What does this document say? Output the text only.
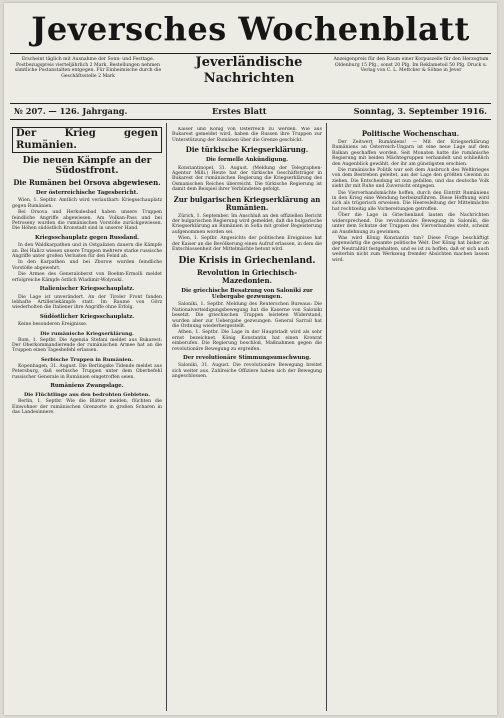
Jeversches Wochenblatt
Erscheint täglich mit Ausnahme der Sonn- und Festtage. Postbezugspreis vierteljährlich 2 Mark. Bestellungen nehmen sämtliche Postanstalten entgegen. Für Einheimische durch die Geschäftsstelle 2 Mark
Jeverländische
Nachrichten
Anzeigenpreis für den Raum einer Korpuszeile für den Herzogtum Oldenburg 15 Pfg., sonst 20 Pfg. Im Reklameteil 50 Pfg. Druck u. Verlag von C. L. Mettcker & Söhne in Jever
№ 207. — 126. Jahrgang.	Erstes Blatt	Sonntag, 3. September 1916.
Der Krieg gegen Rumänien.
Die neuen Kämpfe an der Südostfront.
Die Rumänen bei Orsova abgewiesen.
Der österreichische Tagesbericht.

Wien, 1. Septbr. Amtlich wird verlautbart: Kriegsschauplatz gegen Rumänien.

Bei Orsova und Herkulesbad haben unsere Truppen feindliche Angriffe abgewiesen. Am Vulkan-Pass und bei Petroseny wurden die rumänischen Vorstöße zurückgewiesen. Die Höhen südöstlich Kronstadt sind in unserer Hand.

Kriegsschauplatz gegen Russland.

In den Waldkarpathen und in Ostgalizien dauern die Kämpfe an. Bei Halicz wiesen unsere Truppen mehrere starke russische Angriffe unter großen Verlusten für den Feind ab.

In den Karpathen und bei Zborow wurden feindliche Vorstöße abgewehrt.

Die Armee des Generaloberst von Boehm-Ermolli meldet erfolgreiche Kämpfe östlich Wladimir-Wolynski.

Italienischer Kriegsschauplatz.

Die Lage ist unverändert. An der Tiroler Front fanden lebhafte Artilleriekämpfe statt. Im Raume von Görz wiederholten die Italiener ihre Angriffe ohne Erfolg.

Südöstlicher Kriegsschauplatz.

Keine besonderen Ereignisse.

Die rumänische Kriegserklärung.

Rom, 1. Septbr. Die Agenzia Stefani meldet aus Bukarest: Der Oberkommandierende der rumänischen Armee hat an die Truppen einen Tagesbefehl erlassen.

Serbische Truppen in Rumänien.

Kopenhagen, 31. August. Die Berlingske Tidende meldet aus Petersburg, daß serbische Truppen unter dem Oberbefehl russischer Generale in Rumänien eingetroffen seien.

Rumäniens Zwangslage.
Die Flüchtlinge aus den bedrohten Gebieten.

Berlin, 1. Septbr. Wie die Blätter melden, flüchten die Einwohner der rumänischen Grenzorte in großen Scharen in das Landesinnere.

Kaiser und König von Österreich zu werden. Wie aus Bukarest gemeldet wird, haben die Russen ihre Truppen zur Unterstützung der Rumänen über die Grenze geschickt.

Die türkische Kriegserklärung.
Die formelle Ankündigung.

Konstantinopel, 31. August. (Meldung der Telegraphen-Agentur Milli.) Heute hat der türkische Geschäftsträger in Bukarest der rumänischen Regierung die Kriegserklärung des Osmanischen Reiches überreicht. Die türkische Regierung ist damit dem Beispiel ihrer Verbündeten gefolgt.

Zur bulgarischen Kriegserklärung an Rumänien.

Zürich, 1. September. Im Anschluß an den offiziellen Bericht der bulgarischen Regierung wird gemeldet, daß die bulgarische Kriegserklärung an Rumänien in Sofia mit großer Begeisterung aufgenommen worden sei.

Wien, 1. Septbr. Angesichts der politischen Ereignisse hat der Kaiser an die Bevölkerung einen Aufruf erlassen, in dem die Entschlossenheit der Mittelmächte betont wird.

Die Krisis in Griechenland.
Revolution in Griechisch-Mazedonien.
Die griechische Besatzung von Saloniki zur Uebergabe gezwungen.

Saloniki, 1. Septbr. Meldung des Reuterschen Bureaus: Die Nationalverteidigungsbewegung hat die Kaserne von Saloniki besetzt. Die griechischen Truppen leisteten Widerstand, wurden aber zur Uebergabe gezwungen. General Sarrail hat die Ordnung wiederhergestellt.

Athen, 1. Septbr. Die Lage in der Hauptstadt wird als sehr ernst bezeichnet. König Konstantin hat einen Kronrat einberufen. Die Regierung beschloß, Maßnahmen gegen die revolutionäre Bewegung zu ergreifen.

Der revolutionäre Stimmungsumschwung.

Saloniki, 31. August. Die revolutionäre Bewegung breitet sich weiter aus. Zahlreiche Offiziere haben sich der Bewegung angeschlossen.

Politische Wochenschau.

Der Zeitwert Rumäniens! — Mit der Kriegserklärung Rumäniens an Österreich-Ungarn ist eine neue Lage auf dem Balkan geschaffen worden. Seit Monaten hatte die rumänische Regierung mit beiden Mächtegruppen verhandelt und schließlich den Augenblick gewählt, der ihr am günstigsten erschien.

Die rumänische Politik war seit dem Ausbruch des Weltkrieges von dem Bestreben geleitet, aus der Lage den größten Gewinn zu ziehen. Die Entscheidung ist nun gefallen, und das deutsche Volk sieht ihr mit Ruhe und Zuversicht entgegen.

Die Vierverbandsmächte hoffen, durch den Eintritt Rumäniens in den Krieg eine Wendung herbeizuführen. Diese Hoffnung wird sich als trügerisch erweisen. Die Heeresleitung der Mittelmächte hat rechtzeitig alle Vorbereitungen getroffen.

Über die Lage in Griechenland lauten die Nachrichten widersprechend. Die revolutionäre Bewegung in Saloniki, die unter dem Schutze der Truppen des Vierverbandes steht, scheint an Ausdehnung zu gewinnen.

Was wird König Konstantin tun? Diese Frage beschäftigt gegenwärtig die gesamte politische Welt. Der König hat bisher an der Neutralität festgehalten, und es ist zu hoffen, daß er sich auch weiterhin nicht zum Werkzeug fremder Absichten machen lassen wird.
